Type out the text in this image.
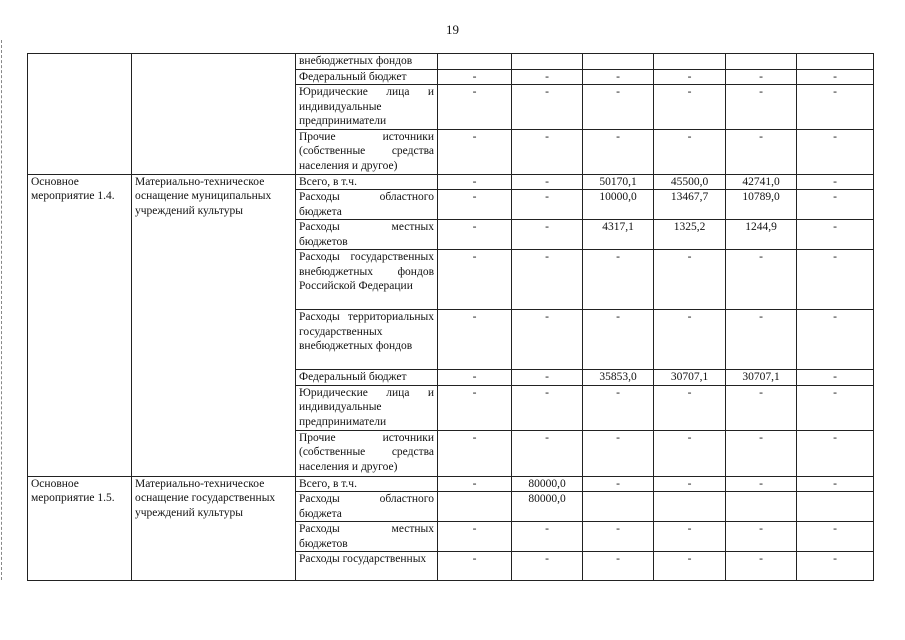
19
		внебюджетных фондов						
		Федеральный бюджет	-	-	-	-	-	-
		Юридические лица и индивидуальные предприниматели	-	-	-	-	-	-
		Прочие источники (собственные средства населения и другое)	-	-	-	-	-	-
Основное мероприятие 1.4.	Материально-техническое оснащение муниципальных учреждений культуры	Всего, в т.ч.	-	-	50170,1	45500,0	42741,0	-
		Расходы областного бюджета	-	-	10000,0	13467,7	10789,0	-
		Расходы местных бюджетов	-	-	4317,1	1325,2	1244,9	-
		Расходы государственных внебюджетных фондов Российской Федерации	-	-	-	-	-	-
		Расходы территориальных государственных внебюджетных фондов	-	-	-	-	-	-
		Федеральный бюджет	-	-	35853,0	30707,1	30707,1	-
		Юридические лица и индивидуальные предприниматели	-	-	-	-	-	-
		Прочие источники (собственные средства населения и другое)	-	-	-	-	-	-
Основное мероприятие 1.5.	Материально-техническое оснащение государственных учреждений культуры	Всего, в т.ч.	-	80000,0	-	-	-	-
		Расходы областного бюджета		80000,0				
		Расходы местных бюджетов	-	-	-	-	-	-
		Расходы государственных	-	-	-	-	-	-
